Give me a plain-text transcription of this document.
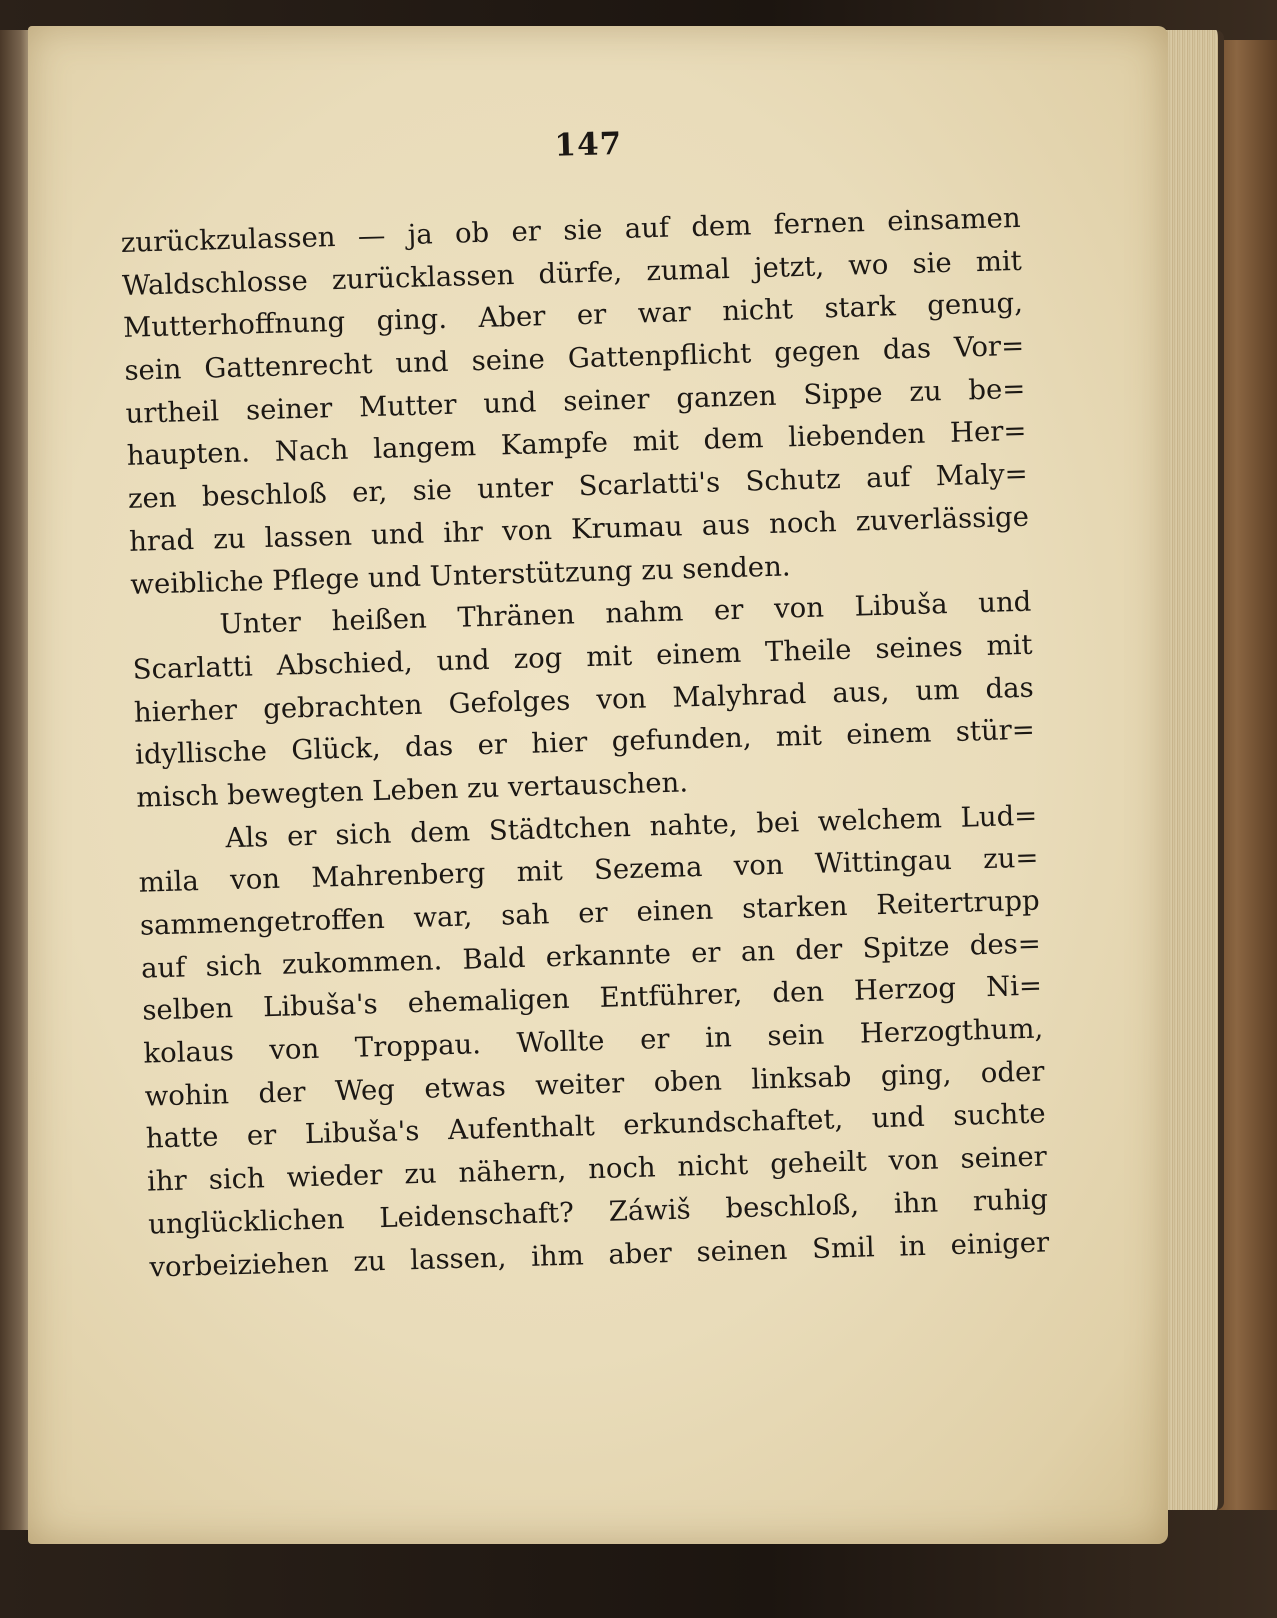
147
zurückzulassen — ja ob er sie auf dem fernen einsamen
Waldschlosse zurücklassen dürfe, zumal jetzt, wo sie mit
Mutterhoffnung ging. Aber er war nicht stark genug,
sein Gattenrecht und seine Gattenpflicht gegen das Vor=
urtheil seiner Mutter und seiner ganzen Sippe zu be=
haupten. Nach langem Kampfe mit dem liebenden Her=
zen beschloß er, sie unter Scarlatti's Schutz auf Maly=
hrad zu lassen und ihr von Krumau aus noch zuverlässige
weibliche Pflege und Unterstützung zu senden.
Unter heißen Thränen nahm er von Libuša und
Scarlatti Abschied, und zog mit einem Theile seines mit
hierher gebrachten Gefolges von Malyhrad aus, um das
idyllische Glück, das er hier gefunden, mit einem stür=
misch bewegten Leben zu vertauschen.
Als er sich dem Städtchen nahte, bei welchem Lud=
mila von Mahrenberg mit Sezema von Wittingau zu=
sammengetroffen war, sah er einen starken Reitertrupp
auf sich zukommen. Bald erkannte er an der Spitze des=
selben Libuša's ehemaligen Entführer, den Herzog Ni=
kolaus von Troppau. Wollte er in sein Herzogthum,
wohin der Weg etwas weiter oben linksab ging, oder
hatte er Libuša's Aufenthalt erkundschaftet, und suchte
ihr sich wieder zu nähern, noch nicht geheilt von seiner
unglücklichen Leidenschaft? Záwiš beschloß, ihn ruhig
vorbeiziehen zu lassen, ihm aber seinen Smil in einiger
